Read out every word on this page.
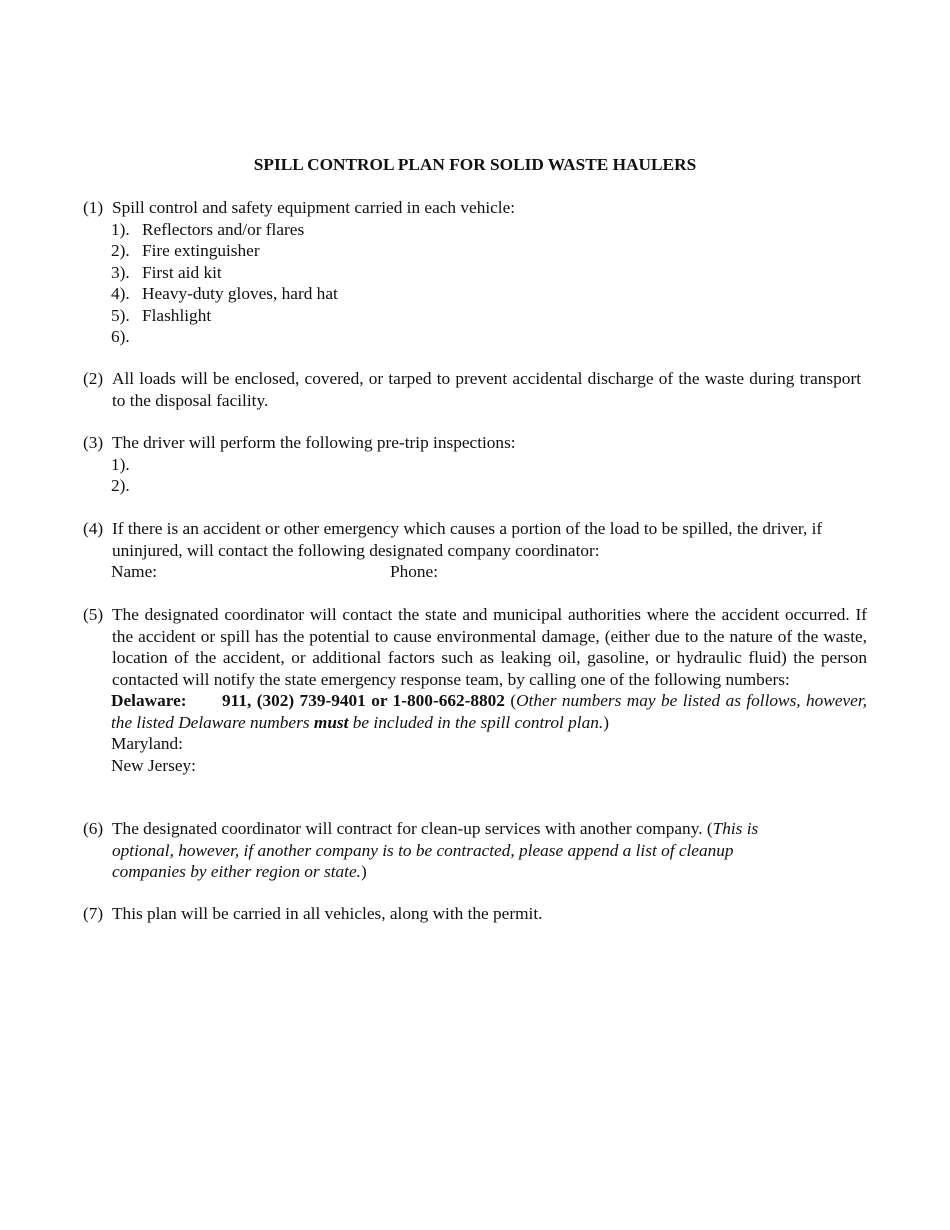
SPILL CONTROL PLAN FOR SOLID WASTE HAULERS
(1) Spill control and safety equipment carried in each vehicle:
1). Reflectors and/or flares
2). Fire extinguisher
3). First aid kit
4). Heavy-duty gloves, hard hat
5). Flashlight
6).
(2) All loads will be enclosed, covered, or tarped to prevent accidental discharge of the waste during transport to the disposal facility.
(3) The driver will perform the following pre-trip inspections:
1).
2).
(4) If there is an accident or other emergency which causes a portion of the load to be spilled, the driver, if uninjured, will contact the following designated company coordinator:
Name:	Phone:
(5) The designated coordinator will contact the state and municipal authorities where the accident occurred. If the accident or spill has the potential to cause environmental damage, (either due to the nature of the waste, location of the accident, or additional factors such as leaking oil, gasoline, or hydraulic fluid) the person contacted will notify the state emergency response team, by calling one of the following numbers:
Delaware: 911, (302) 739-9401 or 1-800-662-8802 (Other numbers may be listed as follows, however, the listed Delaware numbers must be included in the spill control plan.)
Maryland:
New Jersey:
(6) The designated coordinator will contract for clean-up services with another company. (This is optional, however, if another company is to be contracted, please append a list of cleanup companies by either region or state.)
(7) This plan will be carried in all vehicles, along with the permit.
